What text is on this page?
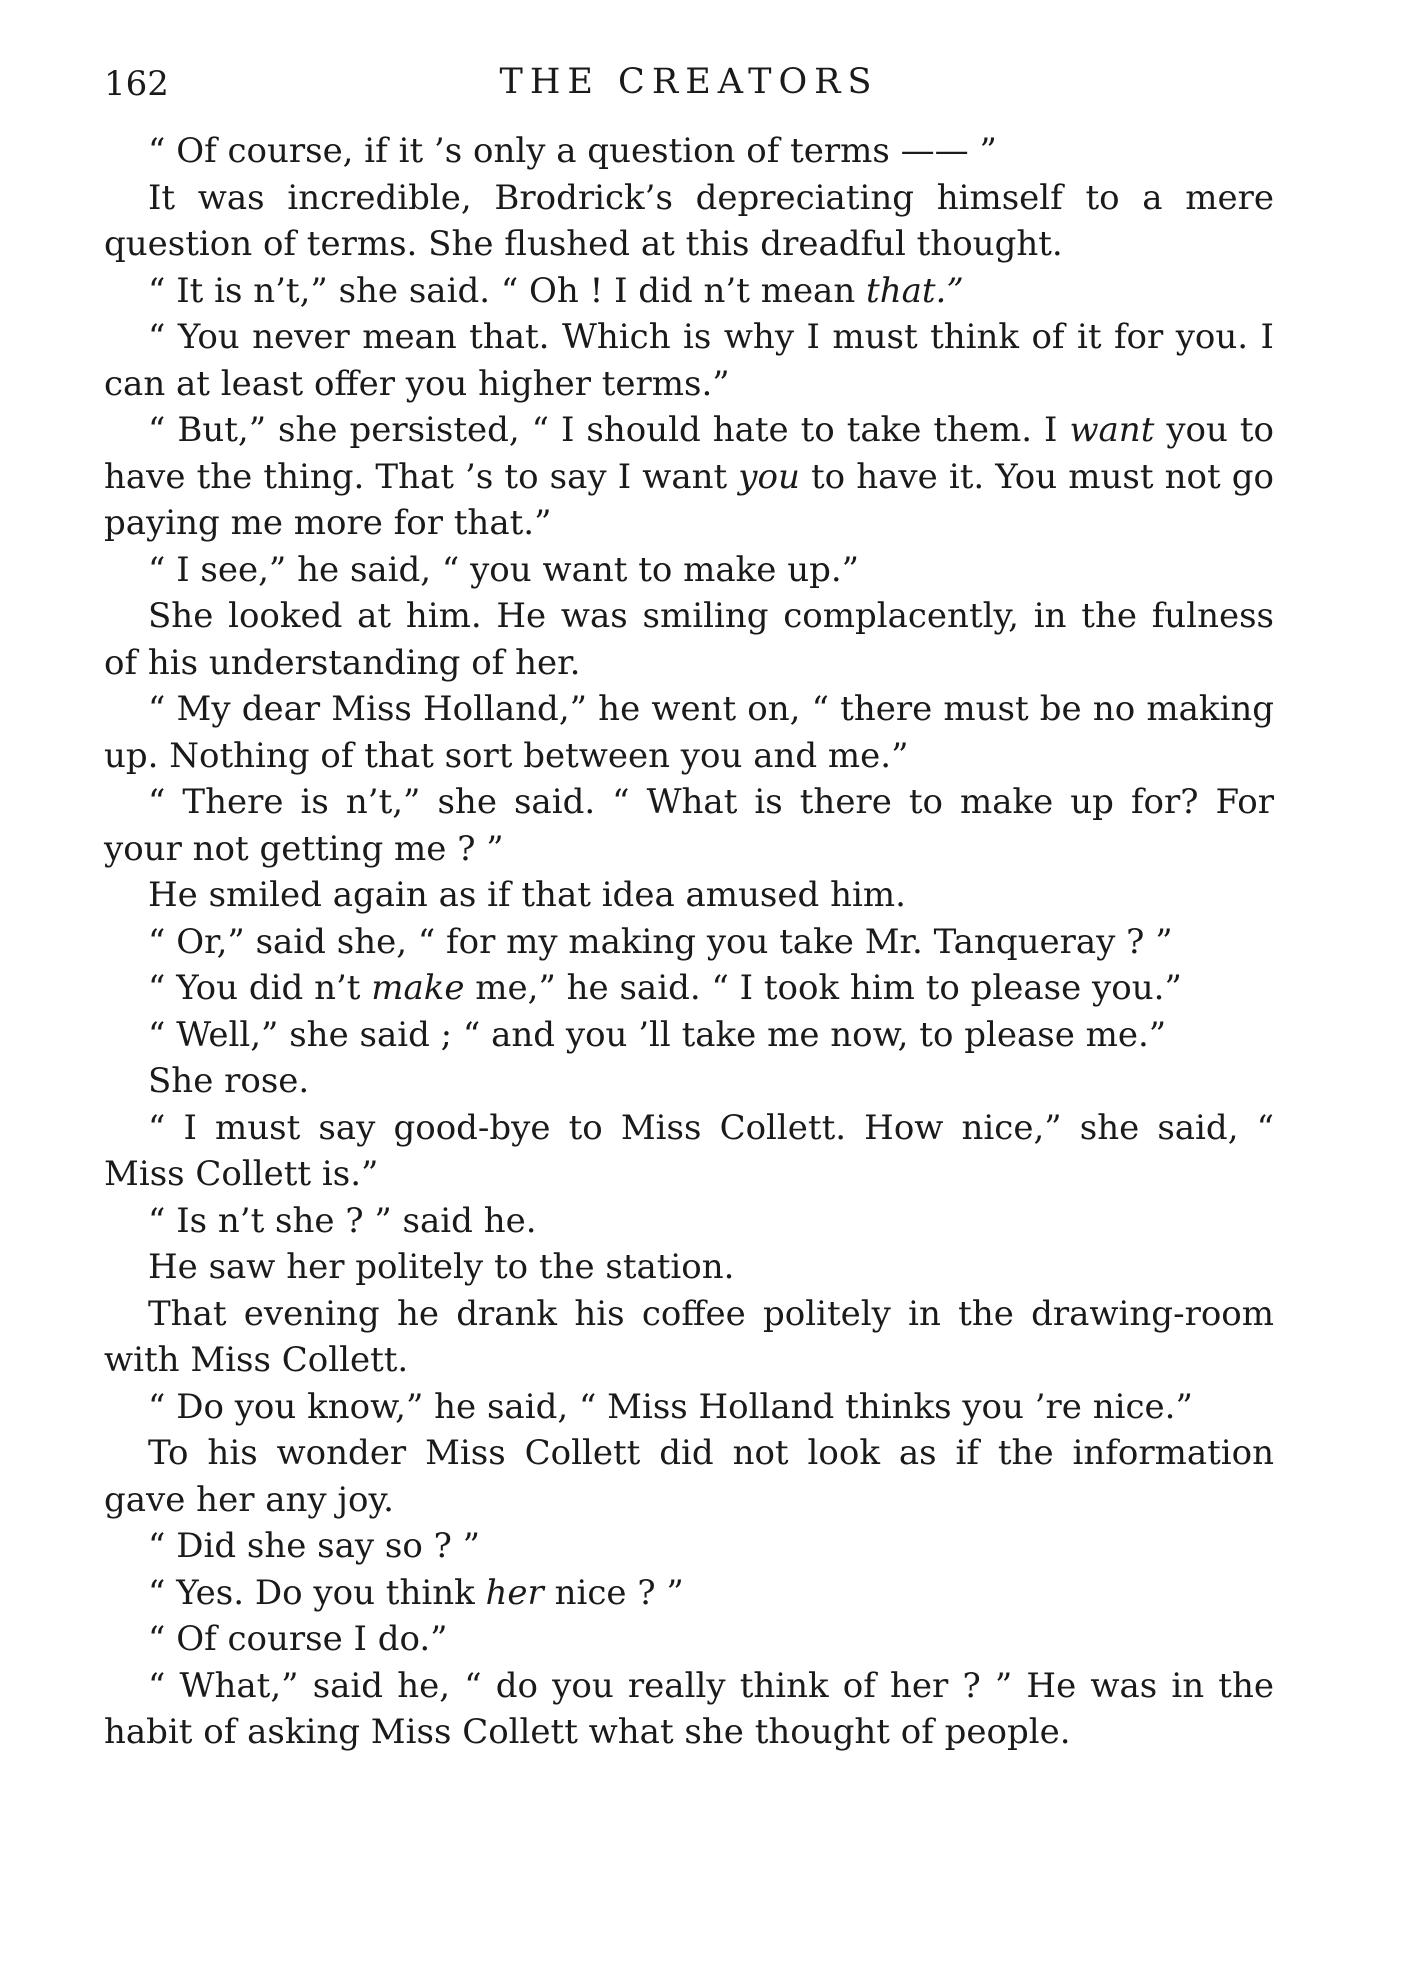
162	THE CREATORS

“ Of course, if it ’s only a question of terms —— ”

It was incredible, Brodrick’s depreciating himself to a mere question of terms. She flushed at this dreadful thought.

“ It is n’t,” she said. “ Oh ! I did n’t mean that.”

“ You never mean that. Which is why I must think of it for you. I can at least offer you higher terms.”

“ But,” she persisted, “ I should hate to take them. I want you to have the thing. That ’s to say I want you to have it. You must not go paying me more for that.”

“ I see,” he said, “ you want to make up.”

She looked at him. He was smiling complacently, in the fulness of his understanding of her.

“ My dear Miss Holland,” he went on, “ there must be no making up. Nothing of that sort between you and me.”

“ There is n’t,” she said. “ What is there to make up for? For your not getting me ? ”

He smiled again as if that idea amused him.

“ Or,” said she, “ for my making you take Mr. Tanqueray ? ”

“ You did n’t make me,” he said. “ I took him to please you.”

“ Well,” she said ; “ and you ’ll take me now, to please me.”

She rose.

“ I must say good-bye to Miss Collett. How nice,” she said, “ Miss Collett is.”

“ Is n’t she ? ” said he.

He saw her politely to the station.

That evening he drank his coffee politely in the drawing-room with Miss Collett.

“ Do you know,” he said, “ Miss Holland thinks you ’re nice.”

To his wonder Miss Collett did not look as if the information gave her any joy.

“ Did she say so ? ”

“ Yes. Do you think her nice ? ”

“ Of course I do.”

“ What,” said he, “ do you really think of her ? ” He was in the habit of asking Miss Collett what she thought of people.
